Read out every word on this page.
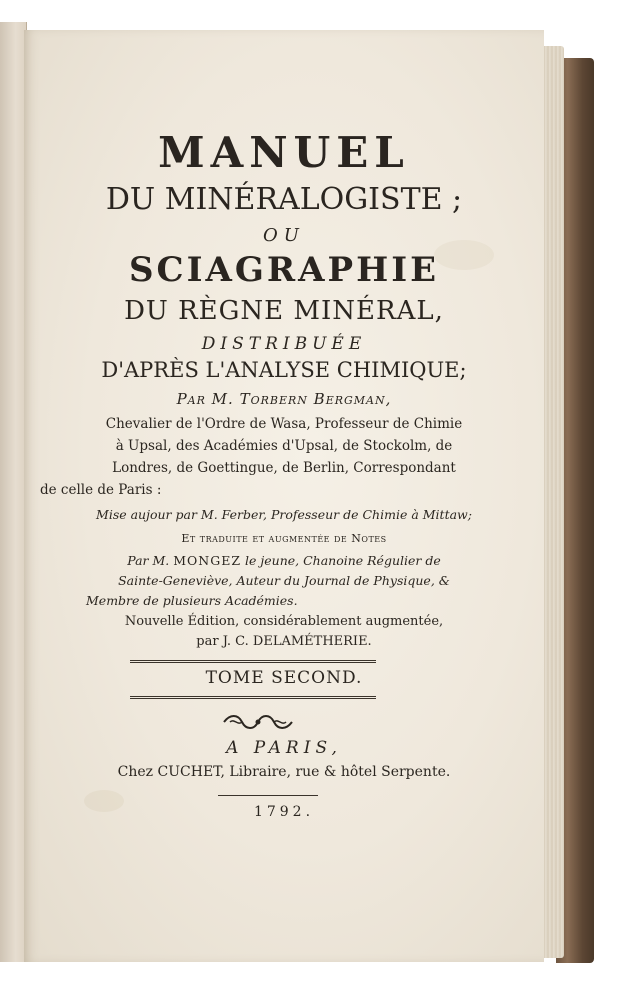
MANUEL

DU MINÉRALOGISTE ;

OU

SCIAGRAPHIE

DU RÈGNE MINÉRAL,

DISTRIBUÉE

D'APRÈS L'ANALYSE CHIMIQUE;

Par M. Torbern Bergman,

Chevalier de l'Ordre de Wasa, Professeur de Chimie

à Upsal, des Académies d'Upsal, de Stockolm, de

Londres, de Goettingue, de Berlin, Correspondant

de celle de Paris :

Mise aujour par M. Ferber, Professeur de Chimie à Mittaw;

Et traduite et augmentée de Notes

Par M. MONGEZ le jeune, Chanoine Régulier de

Sainte-Geneviève, Auteur du Journal de Physique, &

Membre de plusieurs Académies.

Nouvelle Édition, considérablement augmentée,

par J. C. DELAMÉTHERIE.

TOME SECOND.

A PARIS,

Chez CUCHET, Libraire, rue & hôtel Serpente.

1792.
